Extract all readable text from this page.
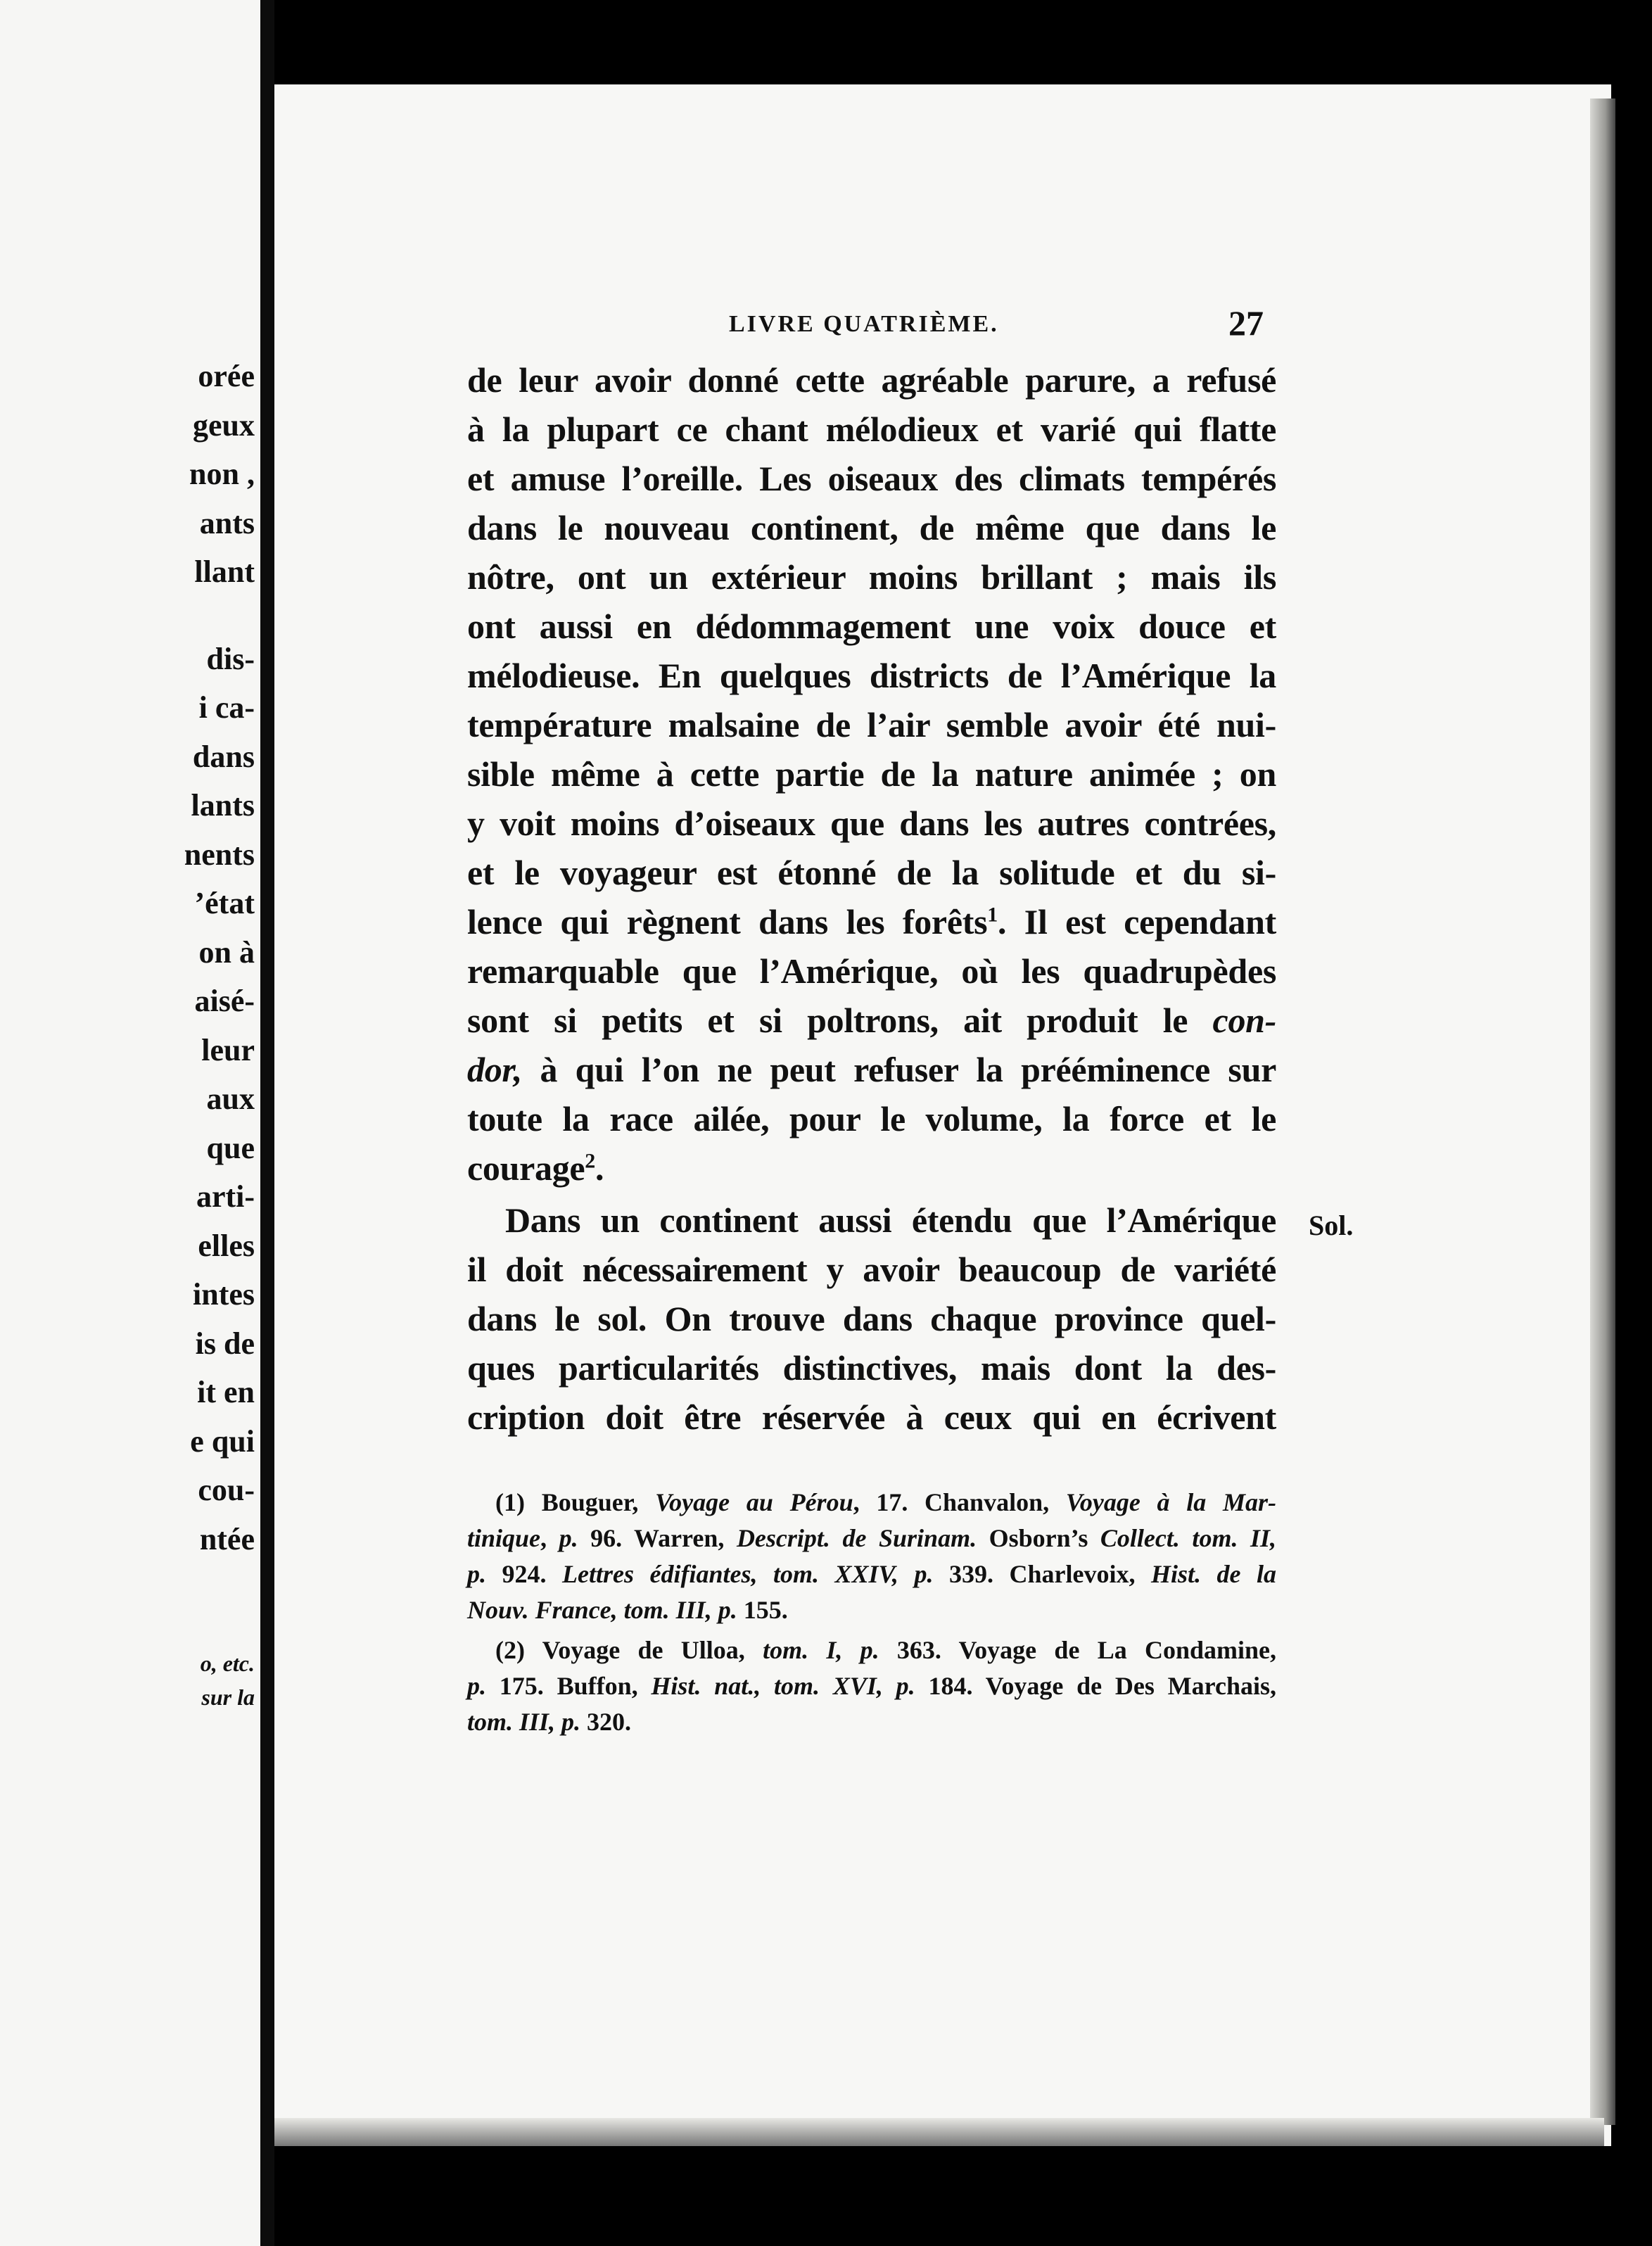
orée
geux
non ,
ants
llant
dis-
i ca-
dans
lants
nents
’état
on à
aisé-
leur
aux
que
arti-
elles
intes
is de
it en
e qui
cou-
ntée
o, etc.
sur la
LIVRE QUATRIÈME.	27
Sol.
de leur avoir donné cette agréable parure, a refusé
à la plupart ce chant mélodieux et varié qui flatte
et amuse l’oreille. Les oiseaux des climats tempérés
dans le nouveau continent, de même que dans le
nôtre, ont un extérieur moins brillant ; mais ils
ont aussi en dédommagement une voix douce et
mélodieuse. En quelques districts de l’Amérique la
température malsaine de l’air semble avoir été nui-
sible même à cette partie de la nature animée ; on
y voit moins d’oiseaux que dans les autres contrées,
et le voyageur est étonné de la solitude et du si-
lence qui règnent dans les forêts$^1$. Il est cependant
remarquable que l’Amérique, où les quadrupèdes
sont si petits et si poltrons, ait produit le con-
dor, à qui l’on ne peut refuser la prééminence sur
toute la race ailée, pour le volume, la force et le
courage$^2$.
Dans un continent aussi étendu que l’Amérique
il doit nécessairement y avoir beaucoup de variété
dans le sol. On trouve dans chaque province quel-
ques particularités distinctives, mais dont la des-
cription doit être réservée à ceux qui en écrivent
(1) Bouguer, Voyage au Pérou, 17. Chanvalon, Voyage à la Mar-
tinique, p. 96. Warren, Descript. de Surinam. Osborn’s Collect. tom. II,
p. 924. Lettres édifiantes, tom. XXIV, p. 339. Charlevoix, Hist. de la
Nouv. France, tom. III, p. 155.
(2) Voyage de Ulloa, tom. I, p. 363. Voyage de La Condamine,
p. 175. Buffon, Hist. nat., tom. XVI, p. 184. Voyage de Des Marchais,
tom. III, p. 320.
